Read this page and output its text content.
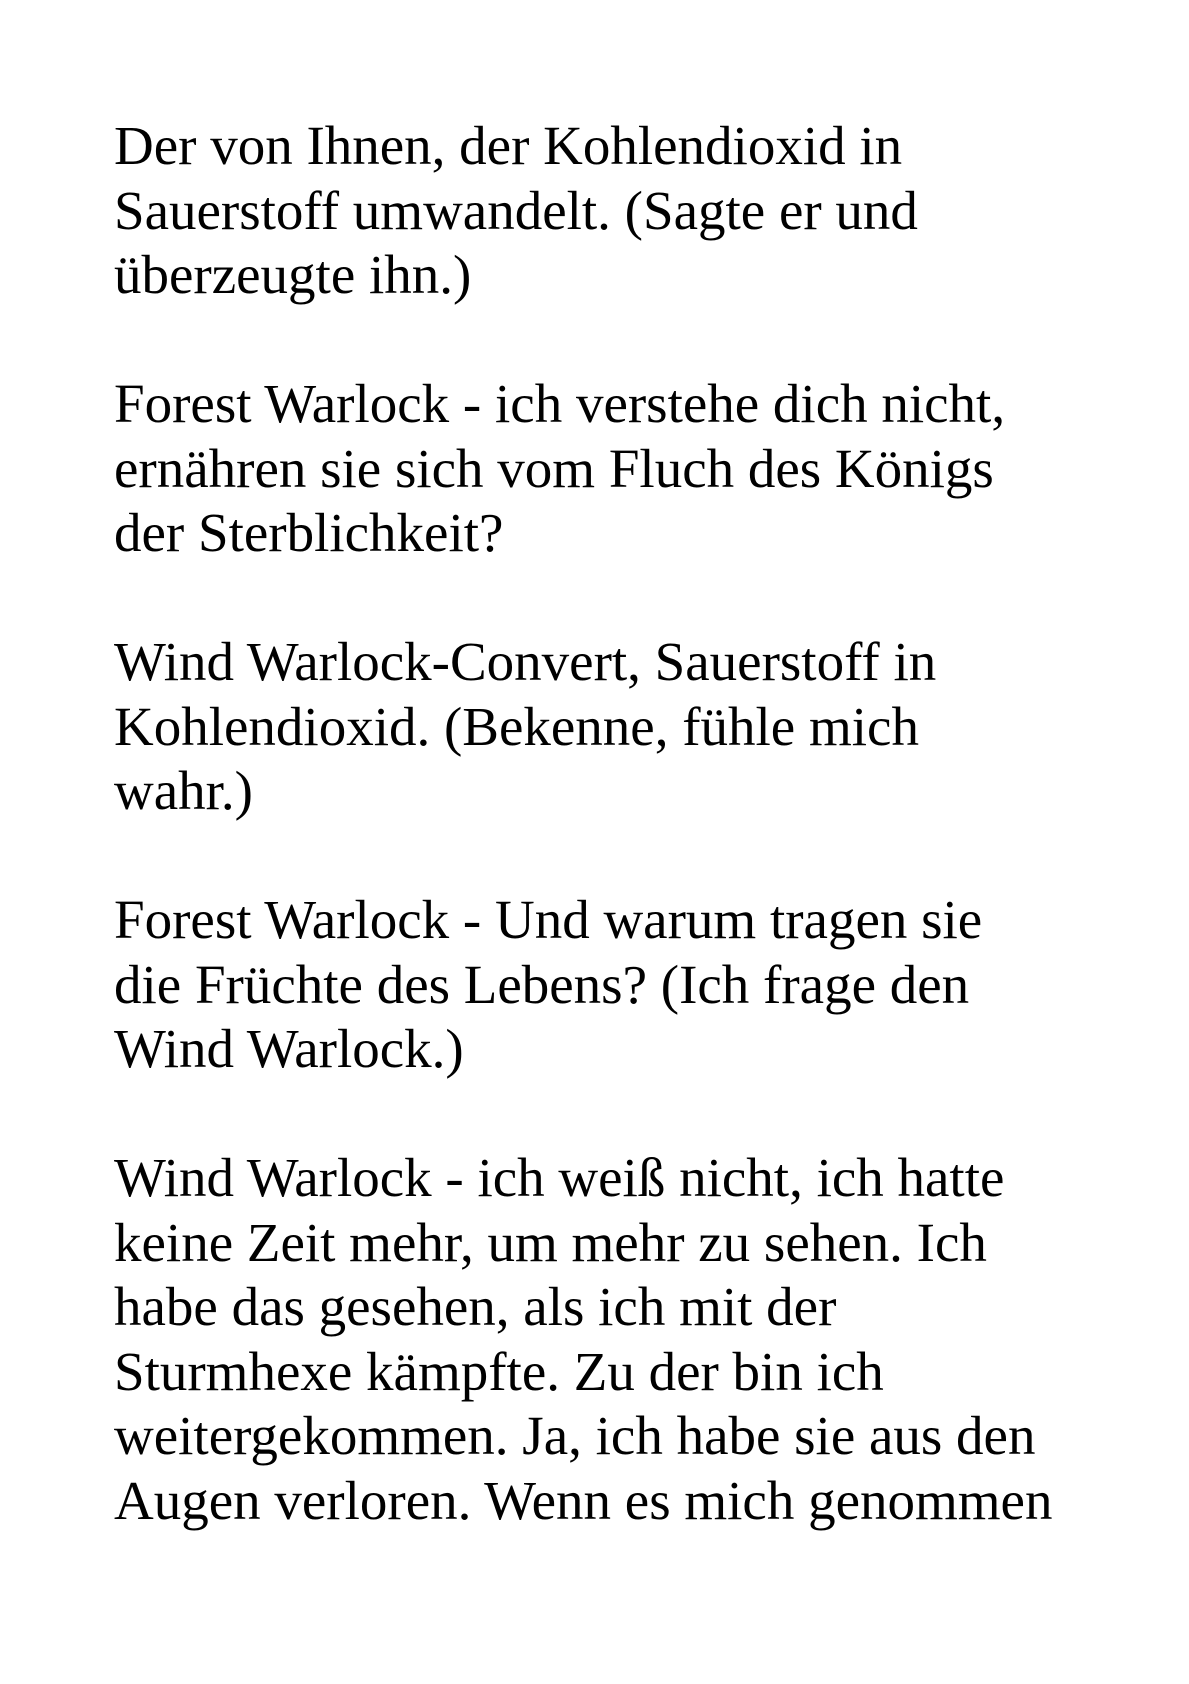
Der von Ihnen, der Kohlendioxid in
Sauerstoff umwandelt. (Sagte er und
überzeugte ihn.)

Forest Warlock - ich verstehe dich nicht,
ernähren sie sich vom Fluch des Königs
der Sterblichkeit?

Wind Warlock-Convert, Sauerstoff in
Kohlendioxid. (Bekenne, fühle mich
wahr.)

Forest Warlock - Und warum tragen sie
die Früchte des Lebens? (Ich frage den
Wind Warlock.)

Wind Warlock - ich weiß nicht, ich hatte
keine Zeit mehr, um mehr zu sehen. Ich
habe das gesehen, als ich mit der
Sturmhexe kämpfte. Zu der bin ich
weitergekommen. Ja, ich habe sie aus den
Augen verloren. Wenn es mich genommen
